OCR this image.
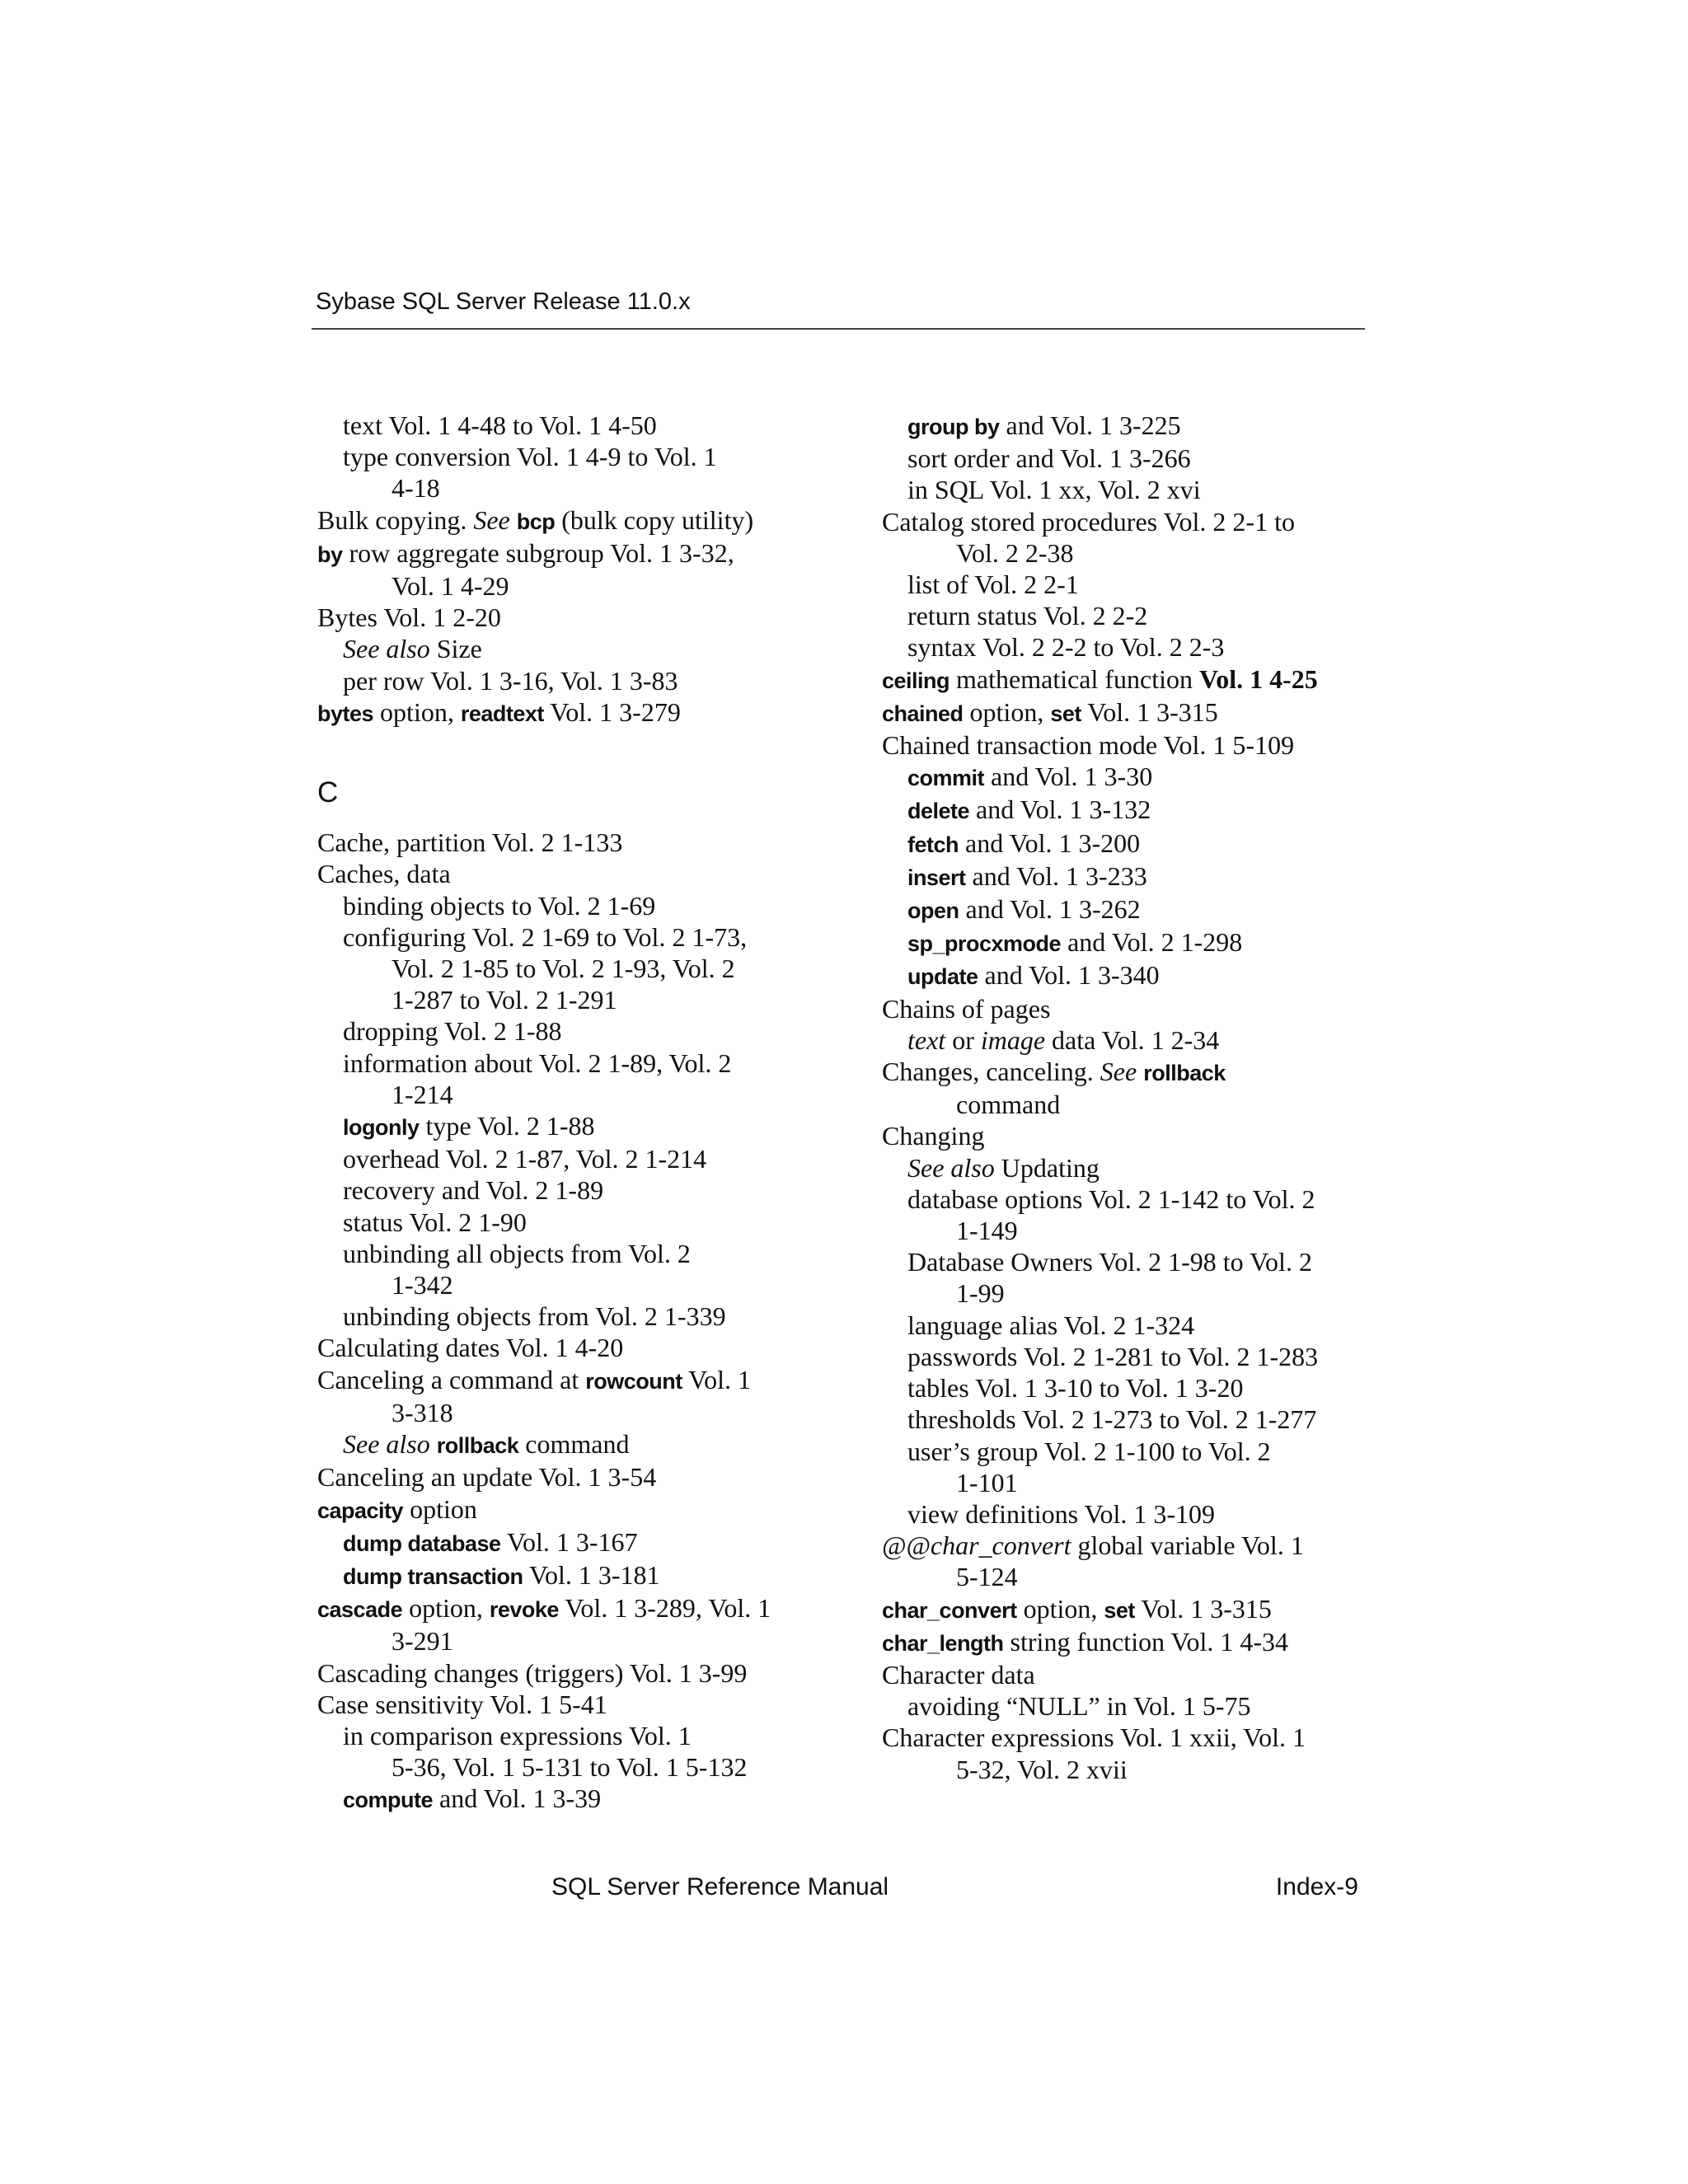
Sybase SQL Server Release 11.0.x
text Vol. 1 4-48 to Vol. 1 4-50
type conversion Vol. 1 4-9 to Vol. 1
4-18
Bulk copying. See bcp (bulk copy utility)
by row aggregate subgroup Vol. 1 3-32,
Vol. 1 4-29
Bytes Vol. 1 2-20
See also Size
per row Vol. 1 3-16, Vol. 1 3-83
bytes option, readtext Vol. 1 3-279
C
Cache, partition Vol. 2 1-133
Caches, data
binding objects to Vol. 2 1-69
configuring Vol. 2 1-69 to Vol. 2 1-73,
Vol. 2 1-85 to Vol. 2 1-93, Vol. 2
1-287 to Vol. 2 1-291
dropping Vol. 2 1-88
information about Vol. 2 1-89, Vol. 2
1-214
logonly type Vol. 2 1-88
overhead Vol. 2 1-87, Vol. 2 1-214
recovery and Vol. 2 1-89
status Vol. 2 1-90
unbinding all objects from Vol. 2
1-342
unbinding objects from Vol. 2 1-339
Calculating dates Vol. 1 4-20
Canceling a command at rowcount Vol. 1
3-318
See also rollback command
Canceling an update Vol. 1 3-54
capacity option
dump database Vol. 1 3-167
dump transaction Vol. 1 3-181
cascade option, revoke Vol. 1 3-289, Vol. 1
3-291
Cascading changes (triggers) Vol. 1 3-99
Case sensitivity Vol. 1 5-41
in comparison expressions Vol. 1
5-36, Vol. 1 5-131 to Vol. 1 5-132
compute and Vol. 1 3-39
group by and Vol. 1 3-225
sort order and Vol. 1 3-266
in SQL Vol. 1 xx, Vol. 2 xvi
Catalog stored procedures Vol. 2 2-1 to
Vol. 2 2-38
list of Vol. 2 2-1
return status Vol. 2 2-2
syntax Vol. 2 2-2 to Vol. 2 2-3
ceiling mathematical function Vol. 1 4-25
chained option, set Vol. 1 3-315
Chained transaction mode Vol. 1 5-109
commit and Vol. 1 3-30
delete and Vol. 1 3-132
fetch and Vol. 1 3-200
insert and Vol. 1 3-233
open and Vol. 1 3-262
sp_procxmode and Vol. 2 1-298
update and Vol. 1 3-340
Chains of pages
text or image data Vol. 1 2-34
Changes, canceling. See rollback
command
Changing
See also Updating
database options Vol. 2 1-142 to Vol. 2
1-149
Database Owners Vol. 2 1-98 to Vol. 2
1-99
language alias Vol. 2 1-324
passwords Vol. 2 1-281 to Vol. 2 1-283
tables Vol. 1 3-10 to Vol. 1 3-20
thresholds Vol. 2 1-273 to Vol. 2 1-277
user’s group Vol. 2 1-100 to Vol. 2
1-101
view definitions Vol. 1 3-109
@@char_convert global variable Vol. 1
5-124
char_convert option, set Vol. 1 3-315
char_length string function Vol. 1 4-34
Character data
avoiding “NULL” in Vol. 1 5-75
Character expressions Vol. 1 xxii, Vol. 1
5-32, Vol. 2 xvii
SQL Server Reference Manual	Index-9
